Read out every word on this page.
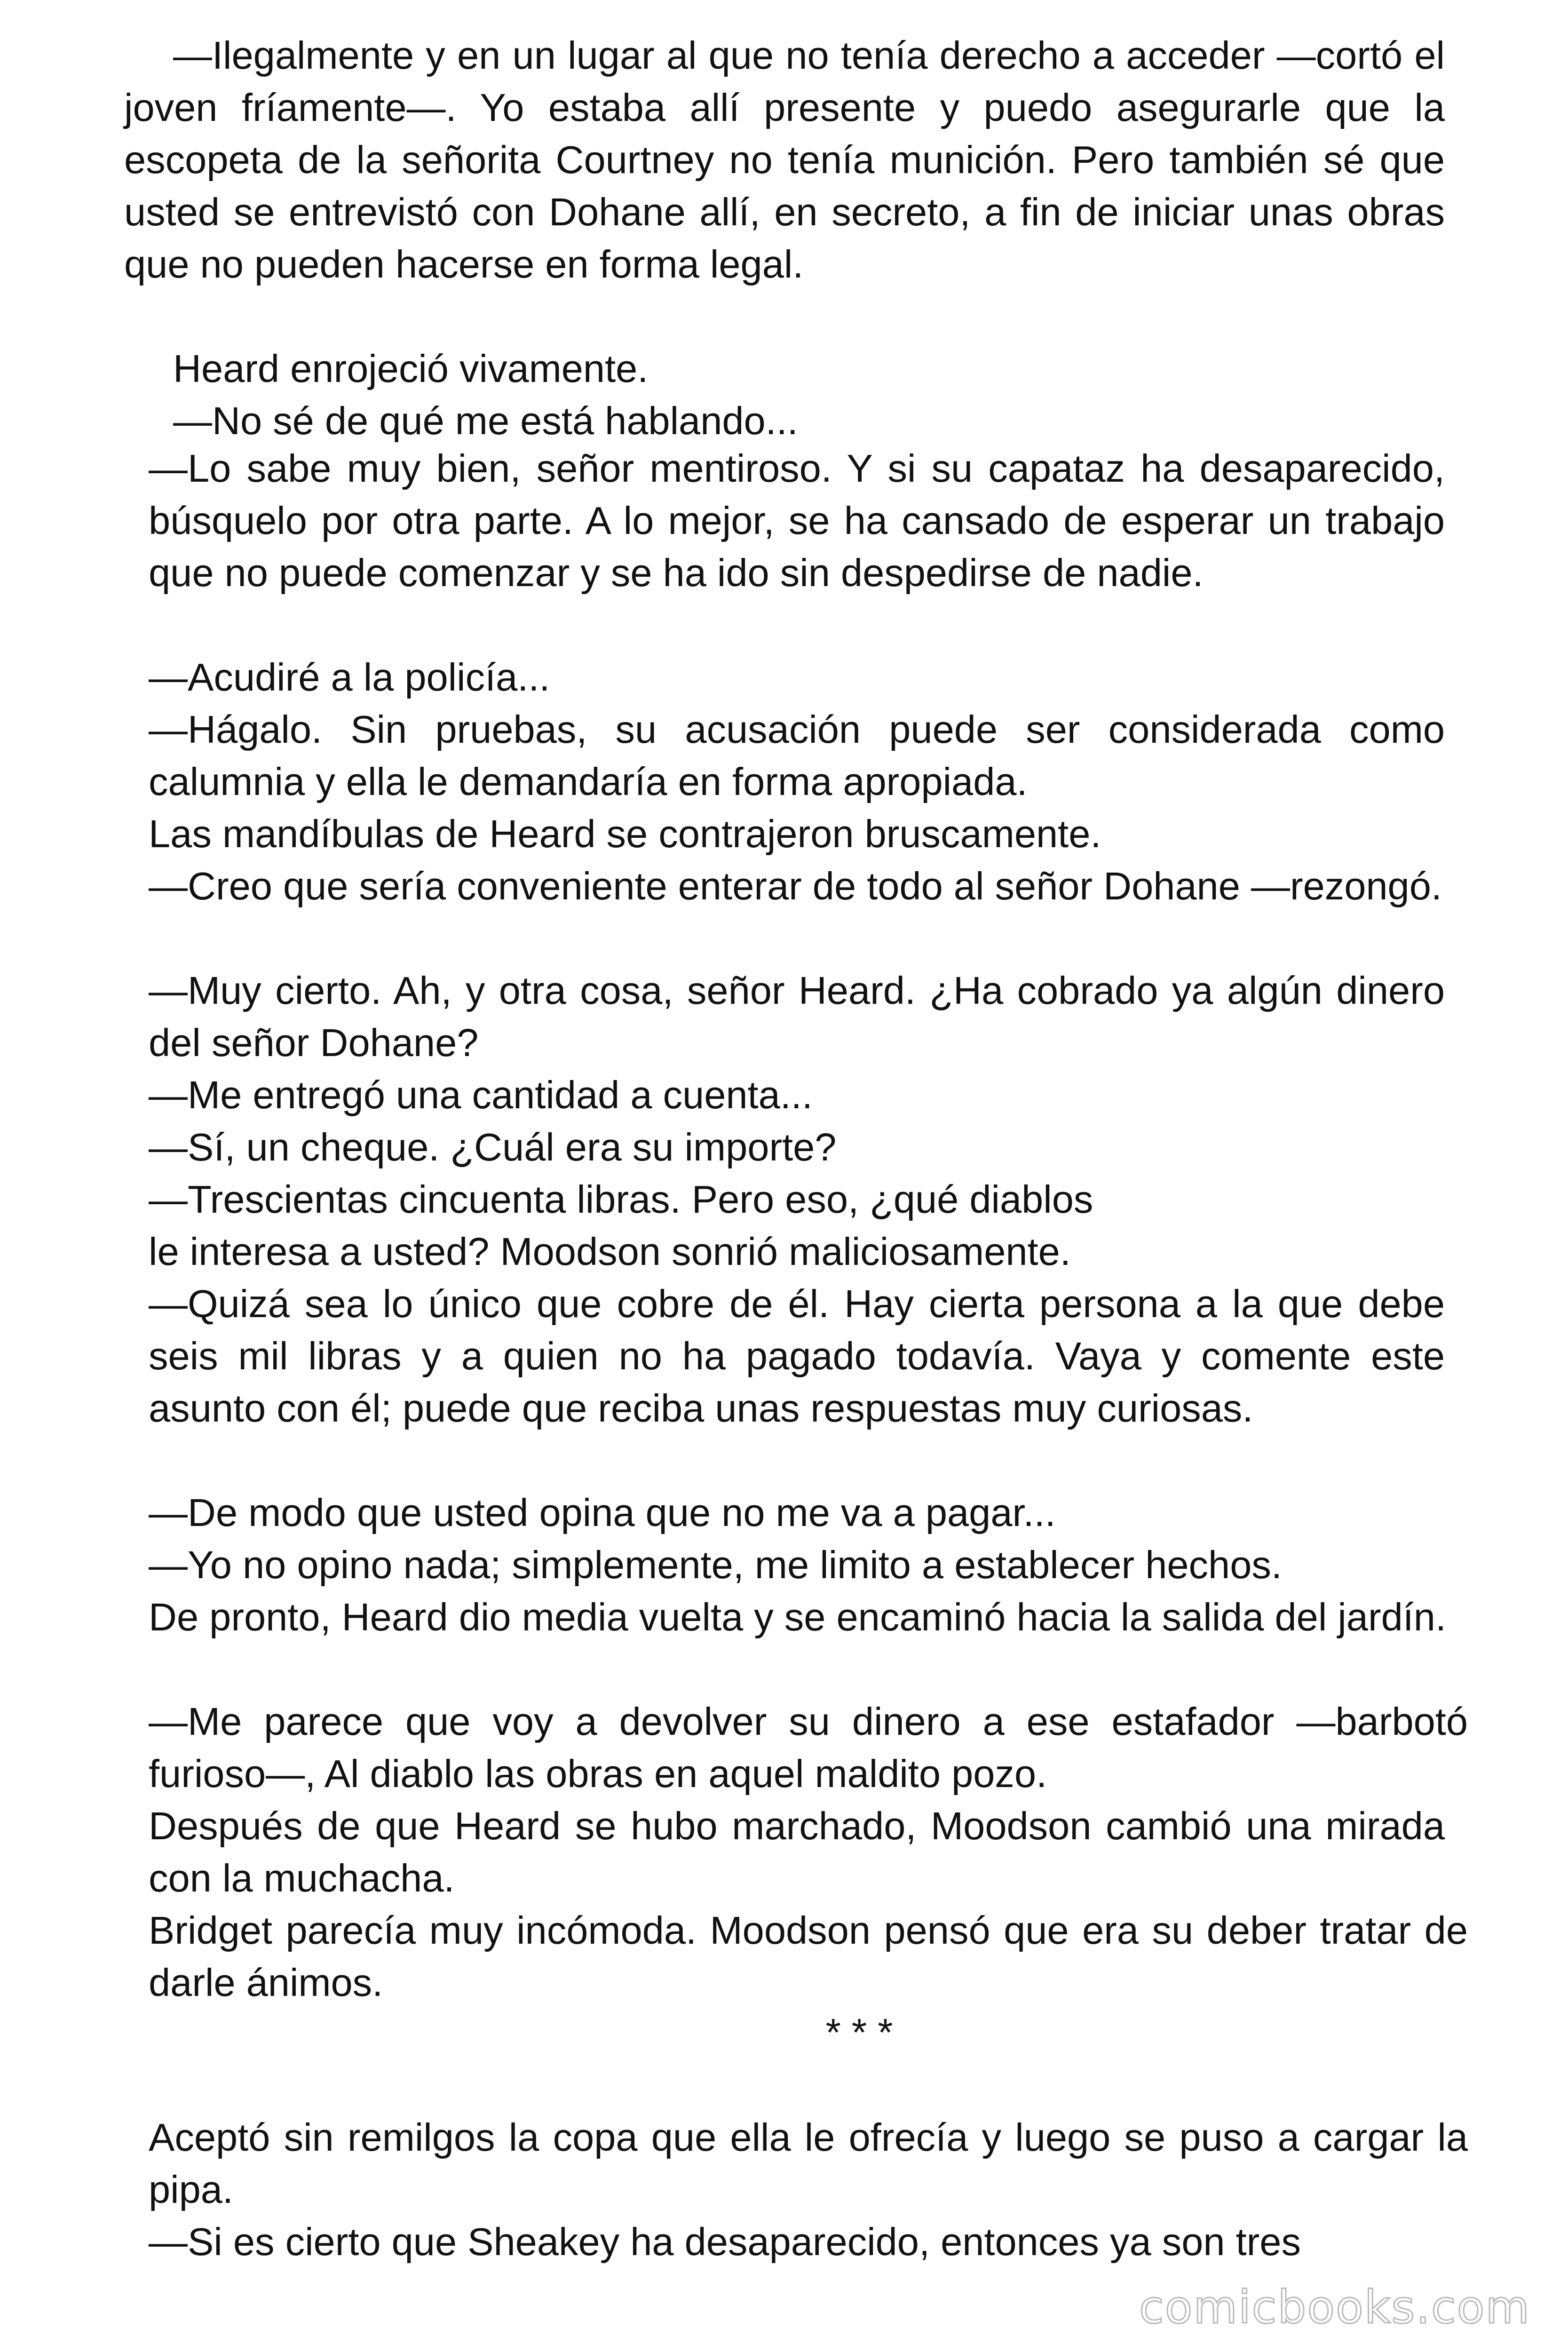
—Ilegalmente y en un lugar al que no tenía derecho a acceder —cortó el joven fríamente—. Yo estaba allí presente y puedo asegurarle que la escopeta de la señorita Courtney no tenía munición. Pero también sé que usted se entrevistó con Dohane allí, en secreto, a fin de iniciar unas obras que no pueden hacerse en forma legal.

Heard enrojeció vivamente.

—No sé de qué me está hablando...

—Lo sabe muy bien, señor mentiroso. Y si su capataz ha desaparecido, búsquelo por otra parte. A lo mejor, se ha cansado de esperar un trabajo que no puede comenzar y se ha ido sin despedirse de nadie.

—Acudiré a la policía...

—Hágalo. Sin pruebas, su acusación puede ser considerada como calumnia y ella le demandaría en forma apropiada.

Las mandíbulas de Heard se contrajeron bruscamente.

—Creo que sería conveniente enterar de todo al señor Dohane —rezongó.

—Muy cierto. Ah, y otra cosa, señor Heard. ¿Ha cobrado ya algún dinero del señor Dohane?

—Me entregó una cantidad a cuenta...

—Sí, un cheque. ¿Cuál era su importe?

—Trescientas cincuenta libras. Pero eso, ¿qué diablos

le interesa a usted? Moodson sonrió maliciosamente.

—Quizá sea lo único que cobre de él. Hay cierta persona a la que debe seis mil libras y a quien no ha pagado todavía. Vaya y comente este asunto con él; puede que reciba unas respuestas muy curiosas.

—De modo que usted opina que no me va a pagar...

—Yo no opino nada; simplemente, me limito a establecer hechos.

De pronto, Heard dio media vuelta y se encaminó hacia la salida del jardín.

—Me parece que voy a devolver su dinero a ese estafador —barbotó furioso—, Al diablo las obras en aquel maldito pozo.

Después de que Heard se hubo marchado, Moodson cambió una mirada con la muchacha.

Bridget parecía muy incómoda. Moodson pensó que era su deber tratar de darle ánimos.

* * *

Aceptó sin remilgos la copa que ella le ofrecía y luego se puso a cargar la pipa.

—Si es cierto que Sheakey ha desaparecido, entonces ya son tres

comicbooks.com
